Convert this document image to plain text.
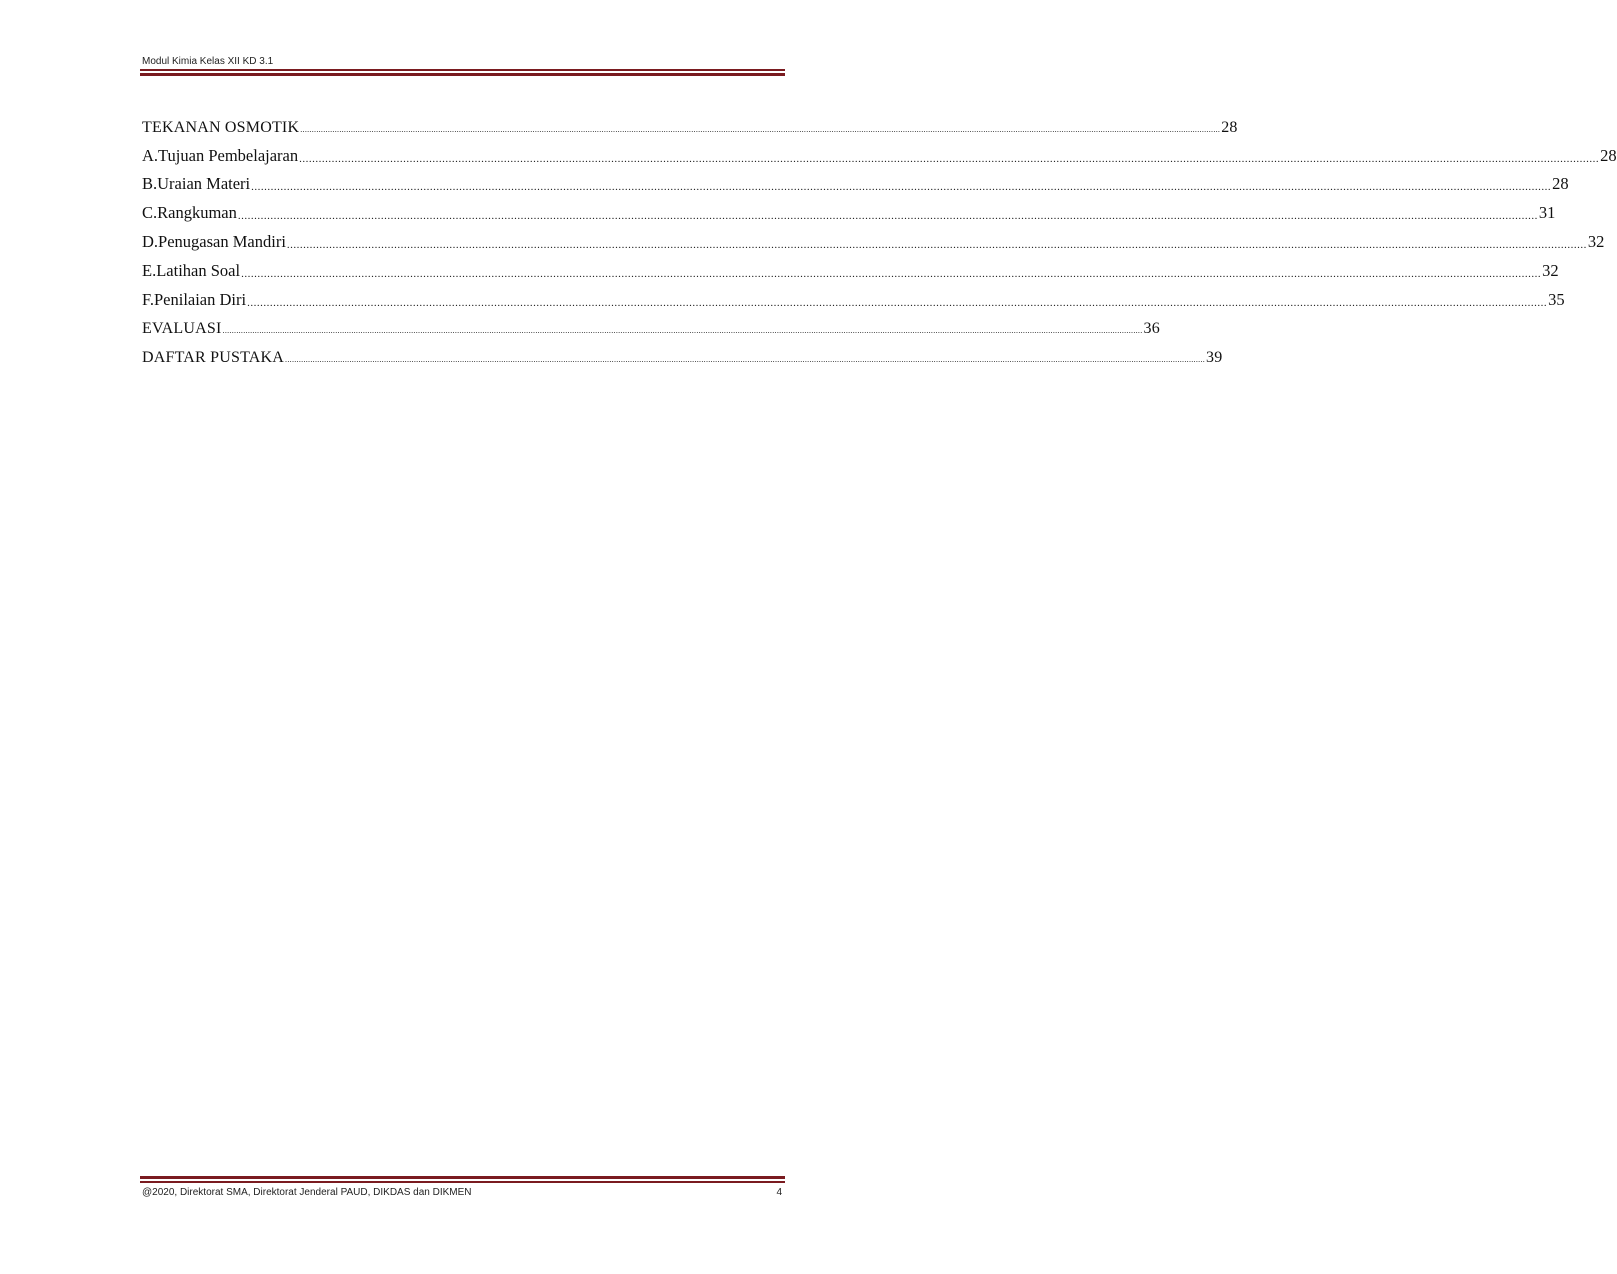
Modul Kimia Kelas XII KD 3.1
TEKANAN OSMOTIK ................................................................................................................................................................................................................................................................................................................................................................................................................ 28
A. Tujuan Pembelajaran ................................................................................................................................................................................................................................................................................................................................................................................................................ 28
B. Uraian Materi ................................................................................................................................................................................................................................................................................................................................................................................................................ 28
C. Rangkuman ................................................................................................................................................................................................................................................................................................................................................................................................................ 31
D. Penugasan Mandiri ................................................................................................................................................................................................................................................................................................................................................................................................................ 32
E. Latihan Soal ................................................................................................................................................................................................................................................................................................................................................................................................................ 32
F. Penilaian Diri ................................................................................................................................................................................................................................................................................................................................................................................................................ 35
EVALUASI ................................................................................................................................................................................................................................................................................................................................................................................................................ 36
DAFTAR PUSTAKA ................................................................................................................................................................................................................................................................................................................................................................................................................ 39
@2020, Direktorat SMA, Direktorat Jenderal PAUD, DIKDAS dan DIKMEN	4
